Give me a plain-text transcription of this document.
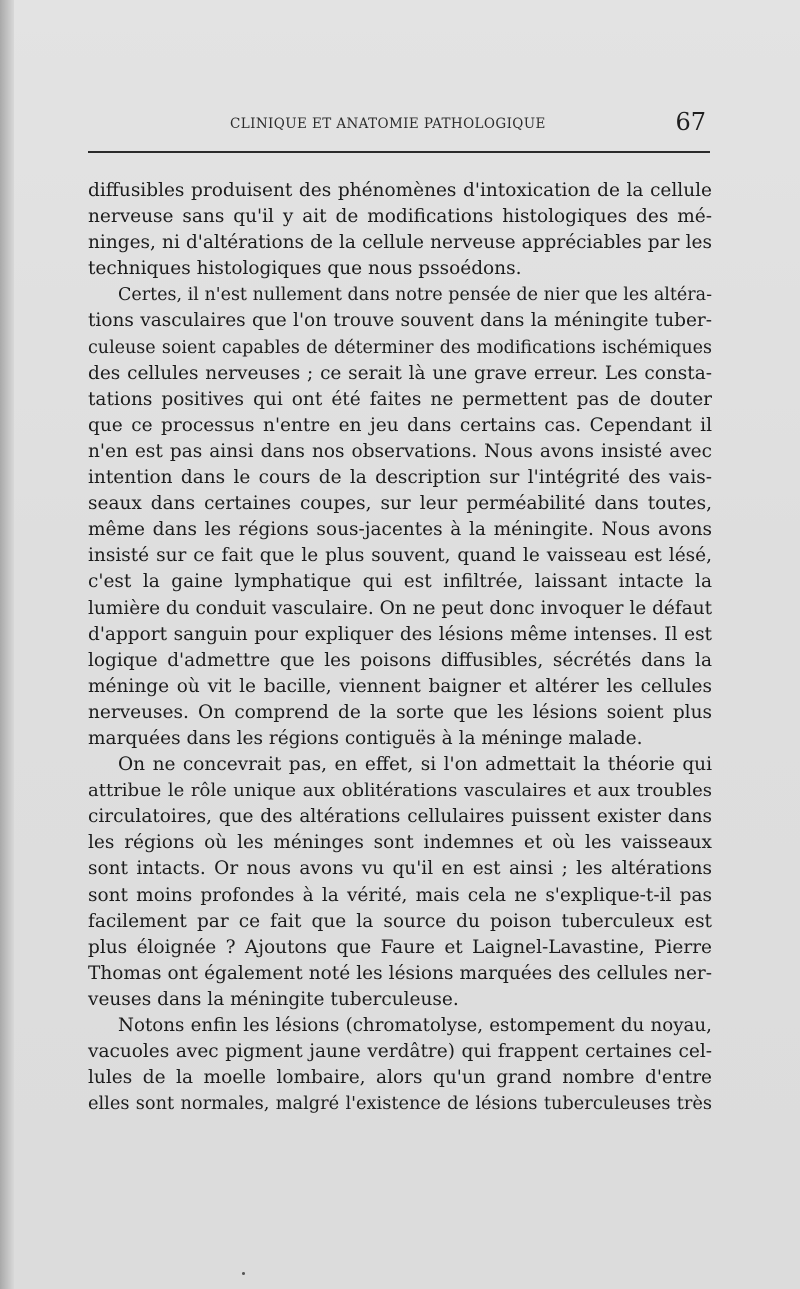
CLINIQUE ET ANATOMIE PATHOLOGIQUE	67
diffusibles produisent des phénomènes d'intoxication de la cellule
nerveuse sans qu'il y ait de modifications histologiques des mé-
ninges, ni d'altérations de la cellule nerveuse appréciables par les
techniques histologiques que nous pssoédons.
Certes, il n'est nullement dans notre pensée de nier que les altéra-
tions vasculaires que l'on trouve souvent dans la méningite tuber-
culeuse soient capables de déterminer des modifications ischémiques
des cellules nerveuses ; ce serait là une grave erreur. Les consta-
tations positives qui ont été faites ne permettent pas de douter
que ce processus n'entre en jeu dans certains cas. Cependant il
n'en est pas ainsi dans nos observations. Nous avons insisté avec
intention dans le cours de la description sur l'intégrité des vais-
seaux dans certaines coupes, sur leur perméabilité dans toutes,
même dans les régions sous-jacentes à la méningite. Nous avons
insisté sur ce fait que le plus souvent, quand le vaisseau est lésé,
c'est la gaine lymphatique qui est infiltrée, laissant intacte la
lumière du conduit vasculaire. On ne peut donc invoquer le défaut
d'apport sanguin pour expliquer des lésions même intenses. Il est
logique d'admettre que les poisons diffusibles, sécrétés dans la
méninge où vit le bacille, viennent baigner et altérer les cellules
nerveuses. On comprend de la sorte que les lésions soient plus
marquées dans les régions contiguës à la méninge malade.
On ne concevrait pas, en effet, si l'on admettait la théorie qui
attribue le rôle unique aux oblitérations vasculaires et aux troubles
circulatoires, que des altérations cellulaires puissent exister dans
les régions où les méninges sont indemnes et où les vaisseaux
sont intacts. Or nous avons vu qu'il en est ainsi ; les altérations
sont moins profondes à la vérité, mais cela ne s'explique-t-il pas
facilement par ce fait que la source du poison tuberculeux est
plus éloignée ? Ajoutons que Faure et Laignel-Lavastine, Pierre
Thomas ont également noté les lésions marquées des cellules ner-
veuses dans la méningite tuberculeuse.
Notons enfin les lésions (chromatolyse, estompement du noyau,
vacuoles avec pigment jaune verdâtre) qui frappent certaines cel-
lules de la moelle lombaire, alors qu'un grand nombre d'entre
elles sont normales, malgré l'existence de lésions tuberculeuses très
